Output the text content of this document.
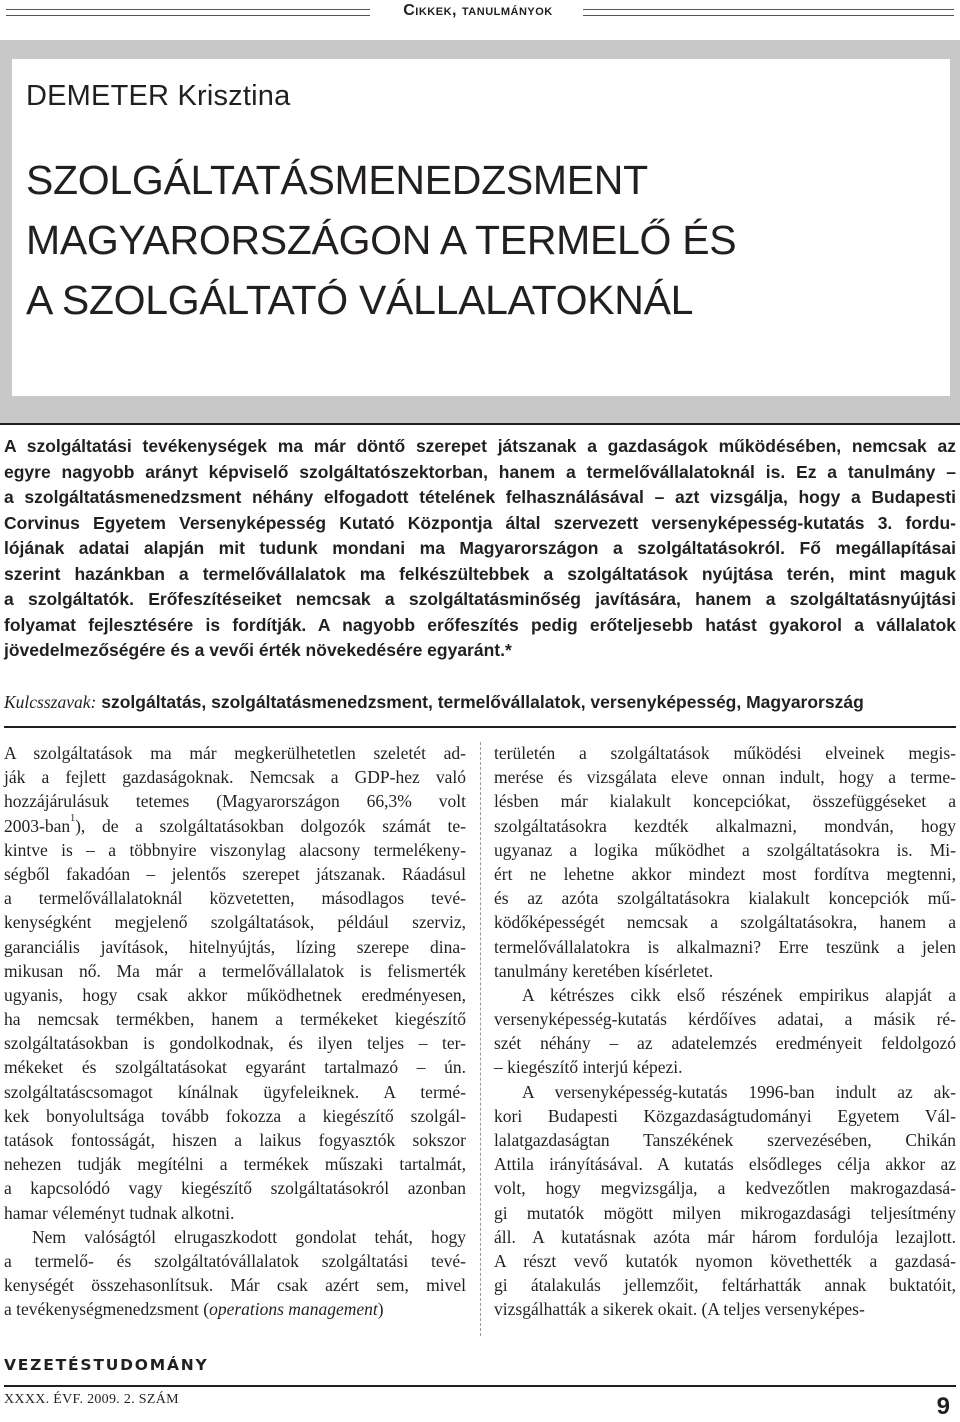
Cikkek, tanulmányok
DEMETER Krisztina
SZOLGÁLTATÁSMENEDZSMENT
MAGYARORSZÁGON A TERMELŐ ÉS
A SZOLGÁLTATÓ VÁLLALATOKNÁL
A szolgáltatási tevékenységek ma már döntő szerepet játszanak a gazdaságok működésében, nemcsak az
egyre nagyobb arányt képviselő szolgáltatószektorban, hanem a termelővállalatoknál is. Ez a tanulmány –
a szolgáltatásmenedzsment néhány elfogadott tételének felhasználásával – azt vizsgálja, hogy a Budapesti
Corvinus Egyetem Versenyképesség Kutató Központja által szervezett versenyképesség-kutatás 3. fordu-
lójának adatai alapján mit tudunk mondani ma Magyarországon a szolgáltatásokról. Fő megállapításai
szerint hazánkban a termelővállalatok ma felkészültebbek a szolgáltatások nyújtása terén, mint maguk
a szolgáltatók. Erőfeszítéseiket nemcsak a szolgáltatásminőség javítására, hanem a szolgáltatásnyújtási
folyamat fejlesztésére is fordítják. A nagyobb erőfeszítés pedig erőteljesebb hatást gyakorol a vállalatok
jövedelmezőségére és a vevői érték növekedésére egyaránt.*
Kulcsszavak: szolgáltatás, szolgáltatásmenedzsment, termelővállalatok, versenyképesség, Magyarország
A szolgáltatások ma már megkerülhetetlen szeletét ad-
ják a fejlett gazdaságoknak. Nemcsak a GDP-hez való
hozzájárulásuk tetemes (Magyarországon 66,3% volt
2003-ban$^1$), de a szolgáltatásokban dolgozók számát te-
kintve is – a többnyire viszonylag alacsony termelékeny-
ségből fakadóan – jelentős szerepet játszanak. Ráadásul
a termelővállalatoknál közvetetten, másodlagos tevé-
kenységként megjelenő szolgáltatások, például szerviz,
garanciális javítások, hitelnyújtás, lízing szerepe dina-
mikusan nő. Ma már a termelővállalatok is felismerték
ugyanis, hogy csak akkor működhetnek eredményesen,
ha nemcsak termékben, hanem a termékeket kiegészítő
szolgáltatásokban is gondolkodnak, és ilyen teljes – ter-
mékeket és szolgáltatásokat egyaránt tartalmazó – ún.
szolgáltatáscsomagot kínálnak ügyfeleiknek. A termé-
kek bonyolultsága tovább fokozza a kiegészítő szolgál-
tatások fontosságát, hiszen a laikus fogyasztók sokszor
nehezen tudják megítélni a termékek műszaki tartalmát,
a kapcsolódó vagy kiegészítő szolgáltatásokról azonban
hamar véleményt tudnak alkotni.
Nem valóságtól elrugaszkodott gondolat tehát, hogy
a termelő- és szolgáltatóvállalatok szolgáltatási tevé-
kenységét összehasonlítsuk. Már csak azért sem, mivel
a tevékenységmenedzsment (operations management)
területén a szolgáltatások működési elveinek megis-
merése és vizsgálata eleve onnan indult, hogy a terme-
lésben már kialakult koncepciókat, összefüggéseket a
szolgáltatásokra kezdték alkalmazni, mondván, hogy
ugyanaz a logika működhet a szolgáltatásokra is. Mi-
ért ne lehetne akkor mindezt most fordítva megtenni,
és az azóta szolgáltatásokra kialakult koncepciók mű-
ködőképességét nemcsak a szolgáltatásokra, hanem a
termelővállalatokra is alkalmazni? Erre teszünk a jelen
tanulmány keretében kísérletet.
A kétrészes cikk első részének empirikus alapját a
versenyképesség-kutatás kérdőíves adatai, a másik ré-
szét néhány – az adatelemzés eredményeit feldolgozó
– kiegészítő interjú képezi.
A versenyképesség-kutatás 1996-ban indult az ak-
kori Budapesti Közgazdaságtudományi Egyetem Vál-
lalatgazdaságtan Tanszékének szervezésében, Chikán
Attila irányításával. A kutatás elsődleges célja akkor az
volt, hogy megvizsgálja, a kedvezőtlen makrogazdasá-
gi mutatók mögött milyen mikrogazdasági teljesítmény
áll. A kutatásnak azóta már három fordulója lezajlott.
A részt vevő kutatók nyomon követhették a gazdasá-
gi átalakulás jellemzőit, feltárhatták annak buktatóit,
vizsgálhatták a sikerek okait. (A teljes versenyképes-
VEZETÉSTUDOMÁNY
XXXX. ÉVF. 2009. 2. SZÁM	9
